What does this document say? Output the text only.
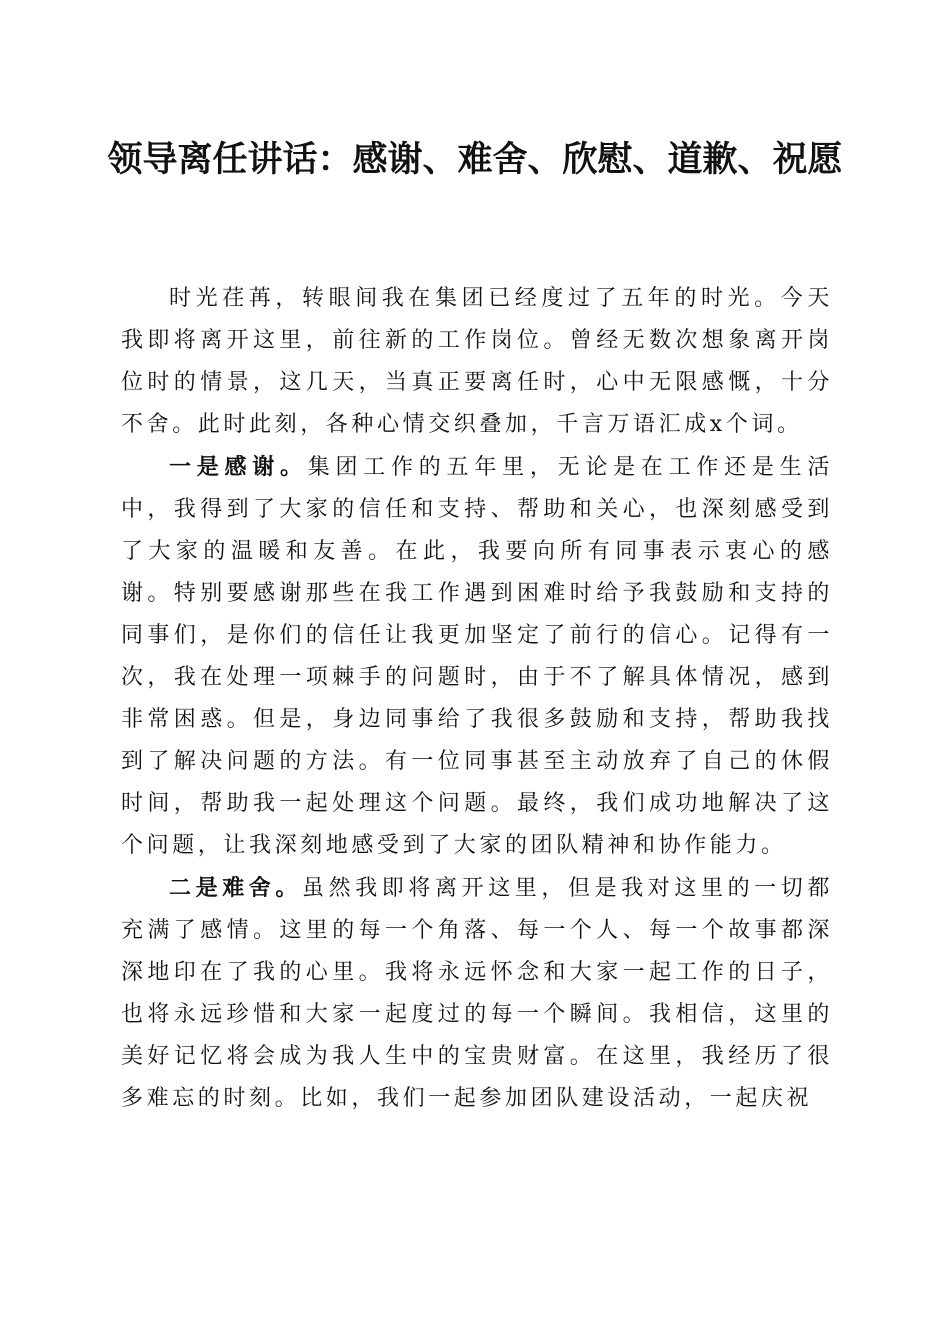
领导离任讲话：感谢、难舍、欣慰、道歉、祝愿

时光荏苒，转眼间我在集团已经度过了五年的时光。今天我即将离开这里，前往新的工作岗位。曾经无数次想象离开岗位时的情景，这几天，当真正要离任时，心中无限感慨，十分不舍。此时此刻，各种心情交织叠加，千言万语汇成x个词。

一是感谢。集团工作的五年里，无论是在工作还是生活中，我得到了大家的信任和支持、帮助和关心，也深刻感受到了大家的温暖和友善。在此，我要向所有同事表示衷心的感谢。特别要感谢那些在我工作遇到困难时给予我鼓励和支持的同事们，是你们的信任让我更加坚定了前行的信心。记得有一次，我在处理一项棘手的问题时，由于不了解具体情况，感到非常困惑。但是，身边同事给了我很多鼓励和支持，帮助我找到了解决问题的方法。有一位同事甚至主动放弃了自己的休假时间，帮助我一起处理这个问题。最终，我们成功地解决了这个问题，让我深刻地感受到了大家的团队精神和协作能力。

二是难舍。虽然我即将离开这里，但是我对这里的一切都充满了感情。这里的每一个角落、每一个人、每一个故事都深深地印在了我的心里。我将永远怀念和大家一起工作的日子，也将永远珍惜和大家一起度过的每一个瞬间。我相信，这里的美好记忆将会成为我人生中的宝贵财富。在这里，我经历了很多难忘的时刻。比如，我们一起参加团队建设活动，一起庆祝
